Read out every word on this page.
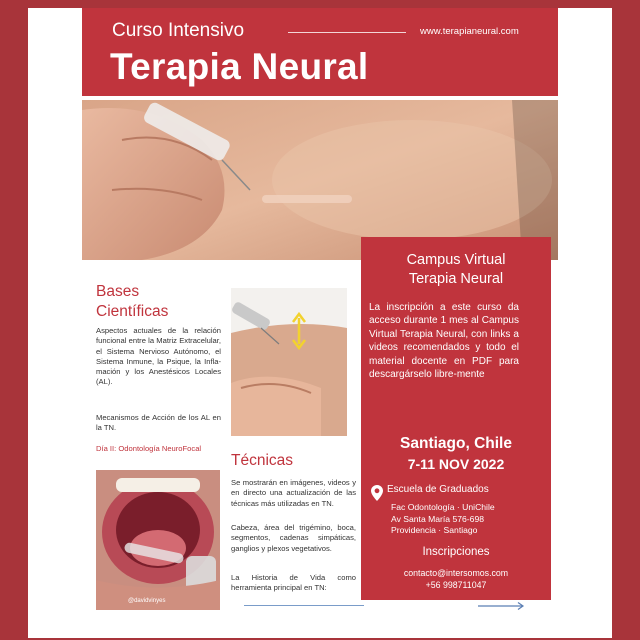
Curso Intensivo	www.terapianeural.com
Terapia Neural
Bases
Científicas
Aspectos actuales de la relación funcional entre la Matriz Extracelular, el Sistema Nervioso Autónomo, el Sistema Inmune, la Psique, la Infla-mación y los Anestésicos Locales (AL).
Mecanismos de Acción de los AL en la TN.
Día II: Odontología NeuroFocal
@davidvinyes
Técnicas
Se mostrarán en imágenes, videos y en directo una actualización de las técnicas más utilizadas en TN.
Cabeza, área del trigémino, boca, segmentos, cadenas simpáticas, ganglios y plexos vegetativos.
La Historia de Vida como herramienta principal en TN:
Campus Virtual
Terapia Neural
La inscripción a este curso da acceso durante 1 mes al Campus Virtual Terapia Neural, con links a videos recomendados y todo el material docente en PDF para descargárselo libre-mente
Santiago, Chile
7-11 NOV 2022
Escuela de Graduados
Fac Odontología · UniChile
Av Santa María 576-698
Providencia · Santiago
Inscripciones
contacto@intersomos.com
+56 998711047
